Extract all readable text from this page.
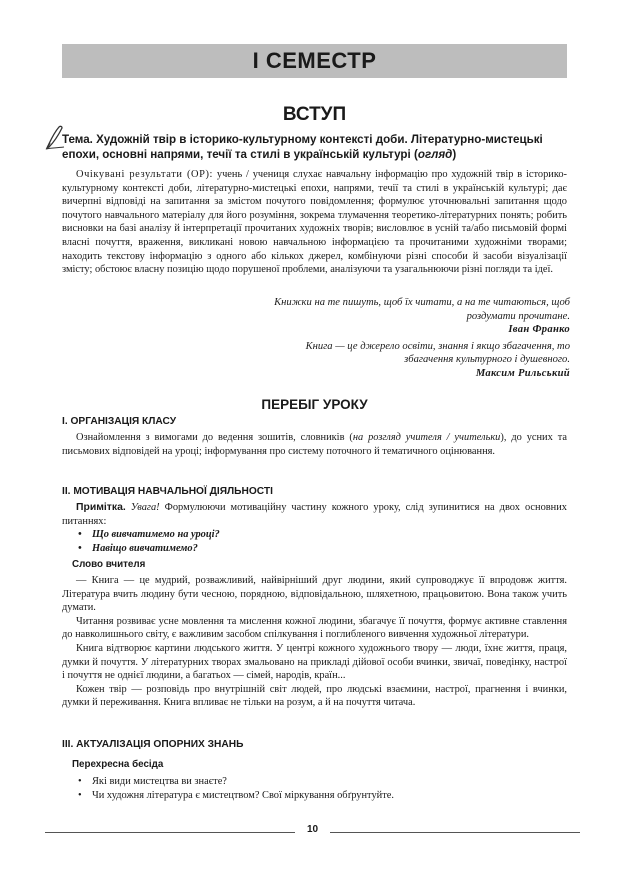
І СЕМЕСТР
ВСТУП

Тема. Художній твір в історико-культурному контексті доби. Літературно-мистецькі епохи, основні напрями, течії та стилі в українській культурі (огляд)

Очікувані результати (ОР): учень / учениця слухає навчальну інформацію про художній твір в історико-культурному контексті доби, літературно-мистецькі епохи, напрями, течії та стилі в українській культурі; дає вичерпні відповіді на запитання за змістом почутого повідомлення; формулює уточнювальні запитання щодо почутого навчального матеріалу для його розуміння, зокрема тлумачення теоретико-літературних понять; робить висновки на базі аналізу й інтерпретації прочитаних художніх творів; висловлює в усній та/або письмовій формі власні почуття, враження, викликані новою навчальною інформацією та прочитаними художніми творами; находить текстову інформацію з одного або кількох джерел, комбінуючи різні способи й засоби візуалізації змісту; обстоює власну позицію щодо порушеної проблеми, аналізуючи та узагальнюючи різні погляди та ідеї.

Книжки на те пишуть, щоб їх читати, а на те читаються, щоб роздумати прочитане.

Іван Франко

Книга — це джерело освіти, знання і якщо збагачення, то збагачення культурного і душевного.

Максим Рильський

ПЕРЕБІГ УРОКУ
І. ОРГАНІЗАЦІЯ КЛАСУ

Ознайомлення з вимогами до ведення зошитів, словників (на розгляд учителя / учительки), до усних та письмових відповідей на уроці; інформування про систему поточного й тематичного оцінювання.

ІІ. МОТИВАЦІЯ НАВЧАЛЬНОЇ ДІЯЛЬНОСТІ

Примітка. Увага! Формулюючи мотиваційну частину кожного уроку, слід зупинитися на двох основних питаннях:

• Що вивчатимемо на уроці?
• Навіщо вивчатимемо?
Слово вчителя

— Книга — це мудрий, розважливий, найвірніший друг людини, який супроводжує її впродовж життя. Література вчить людину бути чесною, порядною, відповідальною, шляхетною, працьовитою. Вона також учить думати.

Читання розвиває усне мовлення та мислення кожної людини, збагачує її почуття, формує активне ставлення до навколишнього світу, є важливим засобом спілкування і поглибленого вивчення художньої літератури.

Книга відтворює картини людського життя. У центрі кожного художнього твору — люди, їхнє життя, праця, думки й почуття. У літературних творах змальовано на прикладі дійової особи вчинки, звичаї, поведінку, настрої і почуття не однієї людини, а багатьох — сімей, народів, країн...

Кожен твір — розповідь про внутрішній світ людей, про людські взаємини, настрої, прагнення і вчинки, думки й переживання. Книга впливає не тільки на розум, а й на почуття читача.

ІІІ. АКТУАЛІЗАЦІЯ ОПОРНИХ ЗНАНЬ
Перехресна бесіда
• Які види мистецтва ви знаєте?
• Чи художня література є мистецтвом? Свої міркування обґрунтуйте.

10
